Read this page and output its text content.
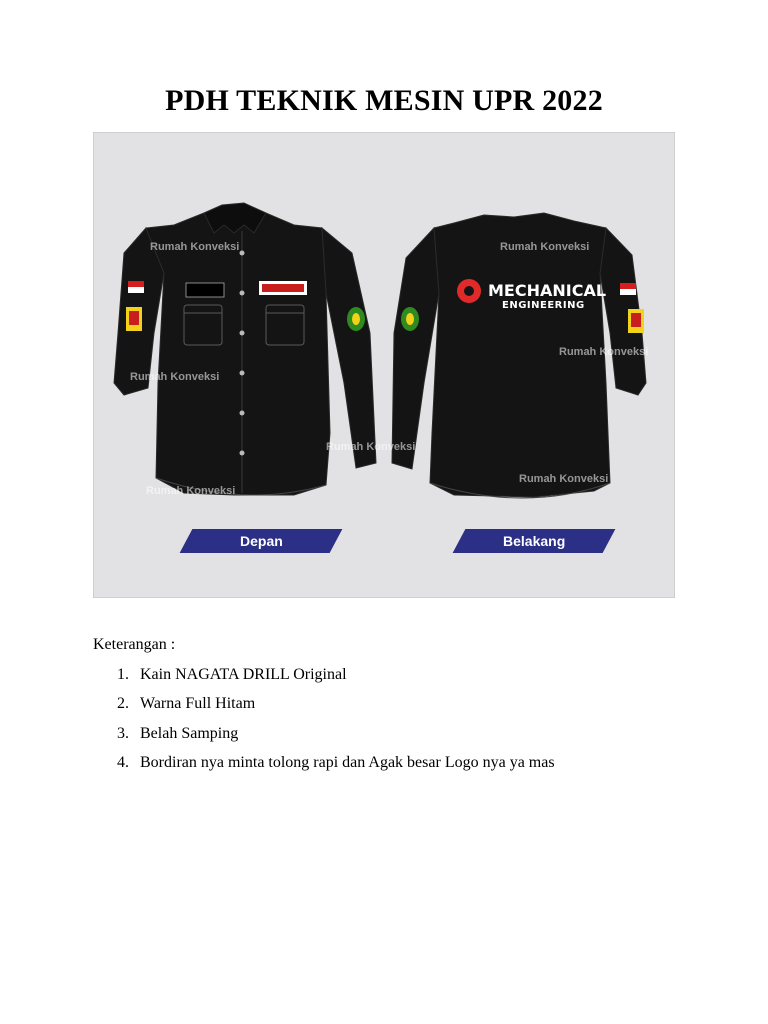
PDH TEKNIK MESIN UPR 2022
MECHANICAL
ENGINEERING
Rumah Konveksi	Rumah Konveksi
Rumah Konveksi
Rumah Konveksi
Rumah Konveksi
Rumah Konveksi
Rumah Konveksi
Depan	Belakang

Keterangan :

1. Kain NAGATA DRILL Original
2. Warna Full Hitam
3. Belah Samping
4. Bordiran nya minta tolong rapi dan Agak besar Logo nya ya mas
